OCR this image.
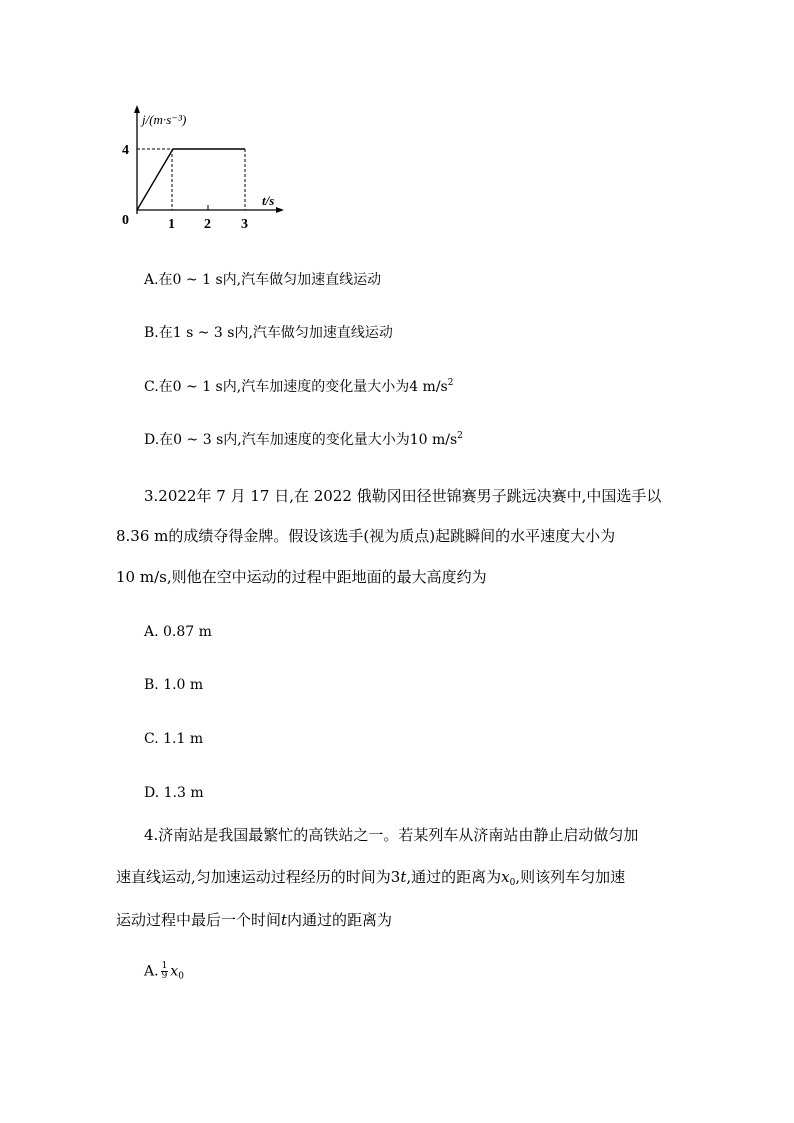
j/(m·s⁻³)
4
0	1 2 3
t/s
A.在0 ~ 1 s内,汽车做匀加速直线运动
B.在1 s ~ 3 s内,汽车做匀加速直线运动
C.在0 ~ 1 s内,汽车加速度的变化量大小为4 $m/s^2$
D.在0 ~ 3 s内,汽车加速度的变化量大小为10 $m/s^2$
3.2022年 7 月 17 日,在 2022 俄勒冈田径世锦赛男子跳远决赛中,中国选手以
8.36 m的成绩夺得金牌。假设该选手(视为质点)起跳瞬间的水平速度大小为
10 m/s,则他在空中运动的过程中距地面的最大高度约为
A. 0.87 m
B. 1.0 m
C. 1.1 m
D. 1.3 m
4.济南站是我国最繁忙的高铁站之一。若某列车从济南站由静止启动做匀加
速直线运动,匀加速运动过程经历的时间为3t,通过的距离为$x_0$,则该列车匀加速
运动过程中最后一个时间t内通过的距离为
A. $\frac{1}{9} x_0$
